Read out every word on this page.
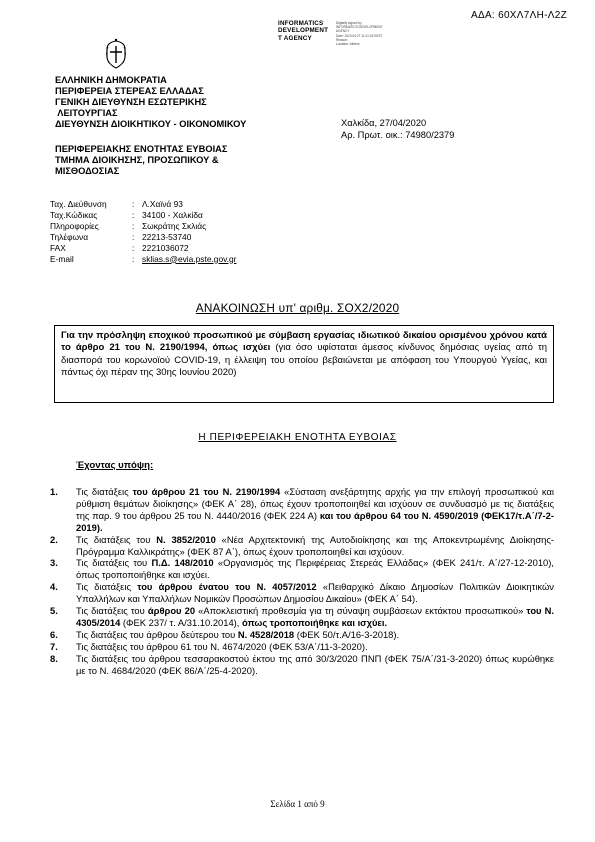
ΑΔΑ: 60ΧΛ7ΛΗ-Λ2Ζ
INFORMATICS
DEVELOPMENT
T AGENCY
Digitally signed by
INFORMATICS DEVELOPMENT
AGENCY
Date: 2020.04.27 11:11:15 EEST
Reason:
Location: Athens
ΕΛΛΗΝΙΚΗ ΔΗΜΟΚΡΑΤΙΑ
ΠΕΡΙΦΕΡΕΙΑ ΣΤΕΡΕΑΣ ΕΛΛΑΔΑΣ
ΓΕΝΙΚΗ ΔΙΕΥΘΥΝΣΗ ΕΣΩΤΕΡΙΚΗΣ
ΛΕΙΤΟΥΡΓΙΑΣ
ΔΙΕΥΘΥΝΣΗ ΔΙΟΙΚΗΤΙΚΟΥ - ΟΙΚΟΝΟΜΙΚΟΥ
ΠΕΡΙΦΕΡΕΙΑΚΗΣ ΕΝΟΤΗΤΑΣ ΕΥΒΟΙΑΣ
ΤΜΗΜΑ ΔΙΟΙΚΗΣΗΣ, ΠΡΟΣΩΠΙΚΟΥ &
ΜΙΣΘΟΔΟΣΙΑΣ
Χαλκίδα, 27/04/2020
Αρ. Πρωτ. οικ.: 74980/2379
Ταχ. Διεύθυνση	: Λ.Χαϊνά 93
Ταχ.Κώδικας	: 34100 - Χαλκίδα
Πληροφορίες	: Σωκράτης Σκλιάς
Τηλέφωνα	: 22213-53740
FAX	: 2221036072
E-mail	: sklias.s@evia.pste.gov.gr
ΑΝΑΚΟΙΝΩΣΗ υπ' αριθμ. ΣΟΧ2/2020
Για την πρόσληψη εποχικού προσωπικού με σύμβαση εργασίας ιδιωτικού δικαίου ορισμένου χρόνου κατά το άρθρο 21 του Ν. 2190/1994, όπως ισχύει (για όσο υφίσταται άμεσος κίνδυνος δημόσιας υγείας από τη διασπορά του κορωνοϊού COVID-19, η έλλειψη του οποίου βεβαιώνεται με απόφαση του Υπουργού Υγείας, και πάντως όχι πέραν της 30ης Ιουνίου 2020)
Η ΠΕΡΙΦΕΡΕΙΑΚΗ ΕΝΟΤΗΤΑ ΕΥΒΟΙΑΣ
Έχοντας υπόψη:
1.	Τις διατάξεις του άρθρου 21 του Ν. 2190/1994 «Σύσταση ανεξάρτητης αρχής για την επιλογή προσωπικού και ρύθμιση θεμάτων διοίκησης» (ΦΕΚ Α΄ 28), όπως έχουν τροποποιηθεί και ισχύουν σε συνδυασμό με τις διατάξεις της παρ. 9 του άρθρου 25 του Ν. 4440/2016 (ΦΕΚ 224 Α) και του άρθρου 64 του Ν. 4590/2019 (ΦΕΚ17/τ.Α΄/7-2-2019).
2.	Τις διατάξεις του Ν. 3852/2010 «Νέα Αρχιτεκτονική της Αυτοδιοίκησης και της Αποκεντρωμένης Διοίκησης- Πρόγραμμα Καλλικράτης» (ΦΕΚ 87 Α΄), όπως έχουν τροποποιηθεί και ισχύουν.
3.	Τις διατάξεις του Π.Δ. 148/2010 «Οργανισμός της Περιφέρειας Στερεάς Ελλάδας» (ΦΕΚ 241/τ. Α΄/27-12-2010), όπως τροποποιήθηκε και ισχύει.
4.	Τις διατάξεις του άρθρου ένατου του Ν. 4057/2012 «Πειθαρχικό Δίκαιο Δημοσίων Πολιτικών Διοικητικών Υπαλλήλων και Υπαλλήλων Νομικών Προσώπων Δημοσίου Δικαίου» (ΦΕΚ Α΄ 54).
5.	Τις διατάξεις του άρθρου 20 «Αποκλειστική προθεσμία για τη σύναψη συμβάσεων εκτάκτου προσωπικού» του Ν. 4305/2014 (ΦΕΚ 237/ τ. Α/31.10.2014), όπως τροποποιήθηκε και ισχύει.
6.	Τις διατάξεις του άρθρου δεύτερου του Ν. 4528/2018 (ΦΕΚ 50/τ.Α/16-3-2018).
7.	Τις διατάξεις του άρθρου 61 του Ν. 4674/2020 (ΦΕΚ 53/Α΄/11-3-2020).
8.	Τις διατάξεις του άρθρου τεσσαρακοστού έκτου της από 30/3/2020 ΠΝΠ (ΦΕΚ 75/Α΄/31-3-2020) όπως κυρώθηκε με το Ν. 4684/2020 (ΦΕΚ 86/Α΄/25-4-2020).
Σελίδα 1 από 9
